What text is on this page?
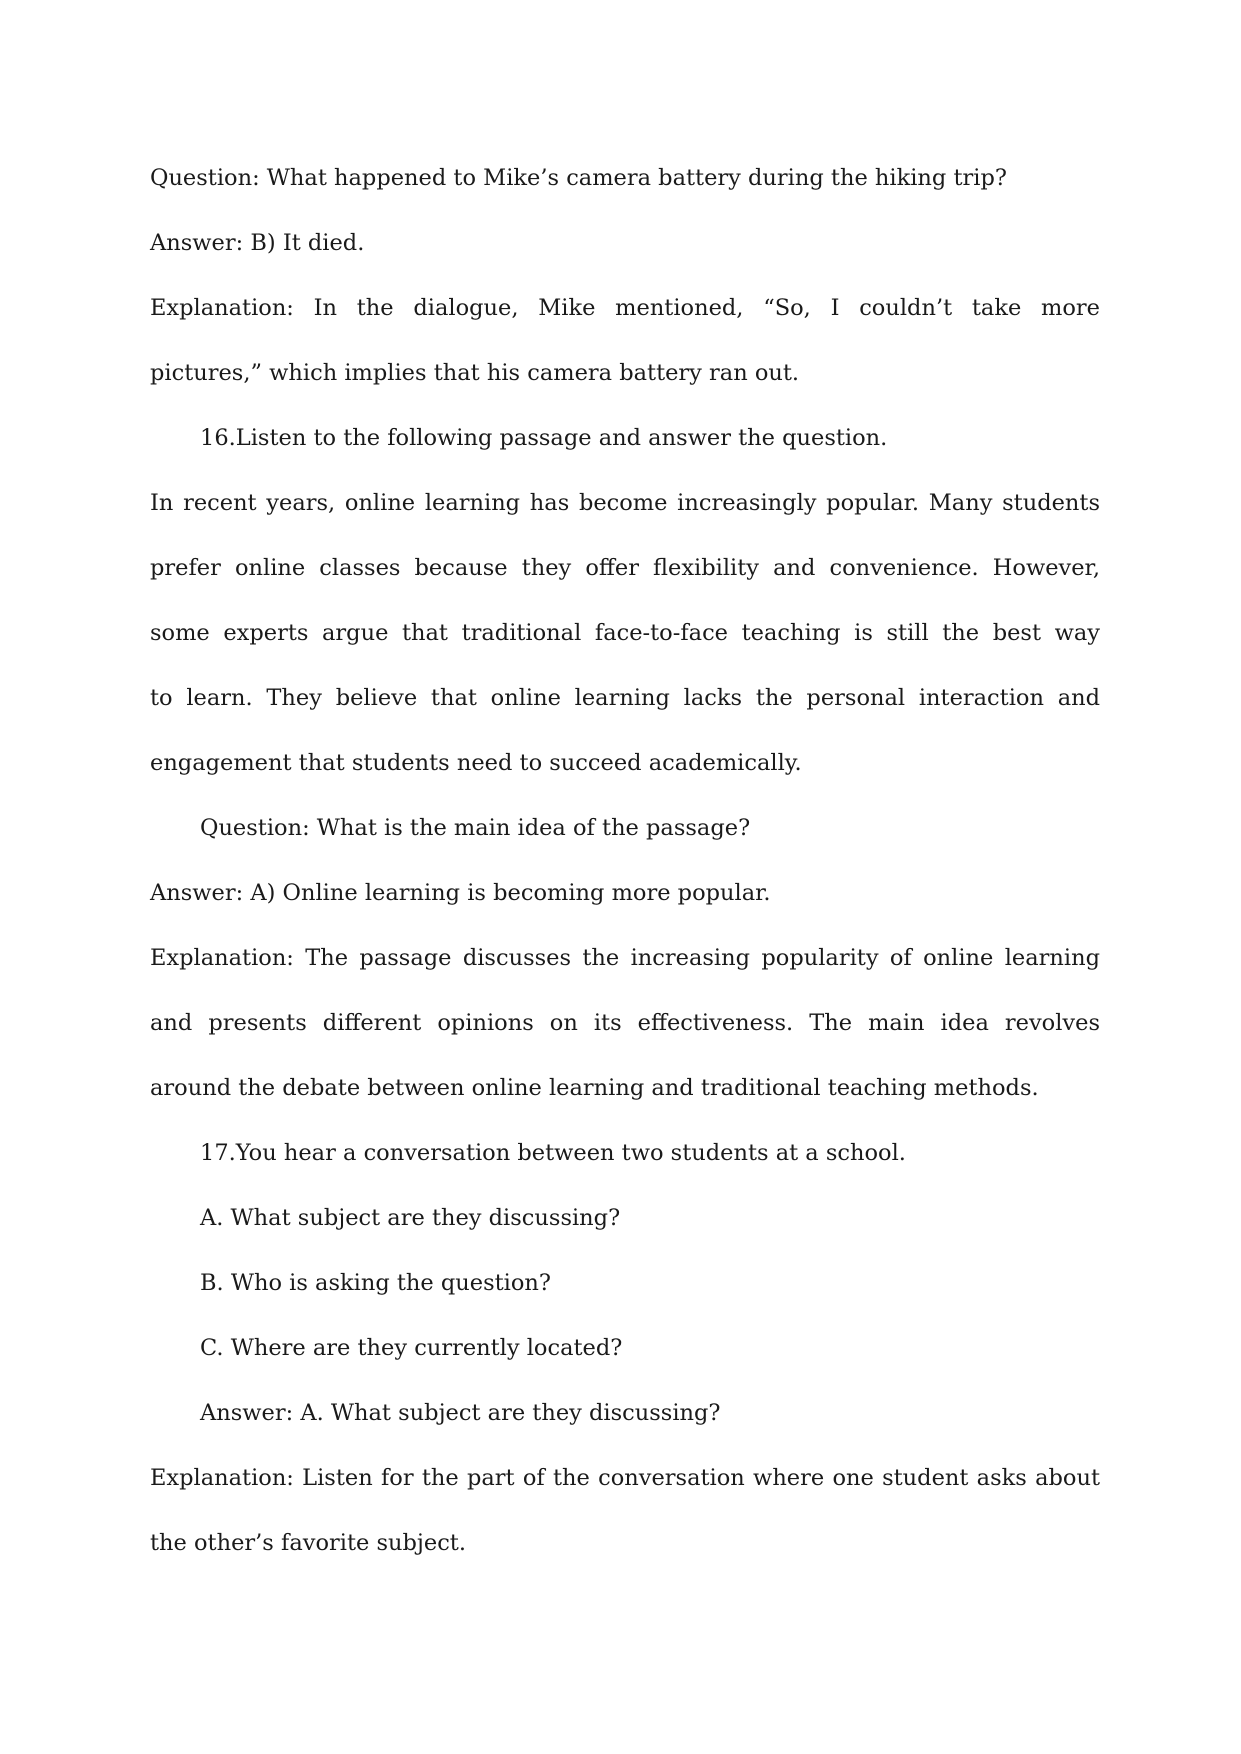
Question: What happened to Mike’s camera battery during the hiking trip?

Answer: B) It died.

Explanation: In the dialogue, Mike mentioned, “So, I couldn’t take more

pictures,” which implies that his camera battery ran out.

16.Listen to the following passage and answer the question.

In recent years, online learning has become increasingly popular. Many students

prefer online classes because they offer flexibility and convenience. However,

some experts argue that traditional face-to-face teaching is still the best way

to learn. They believe that online learning lacks the personal interaction and

engagement that students need to succeed academically.

Question: What is the main idea of the passage?

Answer: A) Online learning is becoming more popular.

Explanation: The passage discusses the increasing popularity of online learning

and presents different opinions on its effectiveness. The main idea revolves

around the debate between online learning and traditional teaching methods.

17.You hear a conversation between two students at a school.

A. What subject are they discussing?

B. Who is asking the question?

C. Where are they currently located?

Answer: A. What subject are they discussing?

Explanation: Listen for the part of the conversation where one student asks about

the other’s favorite subject.
